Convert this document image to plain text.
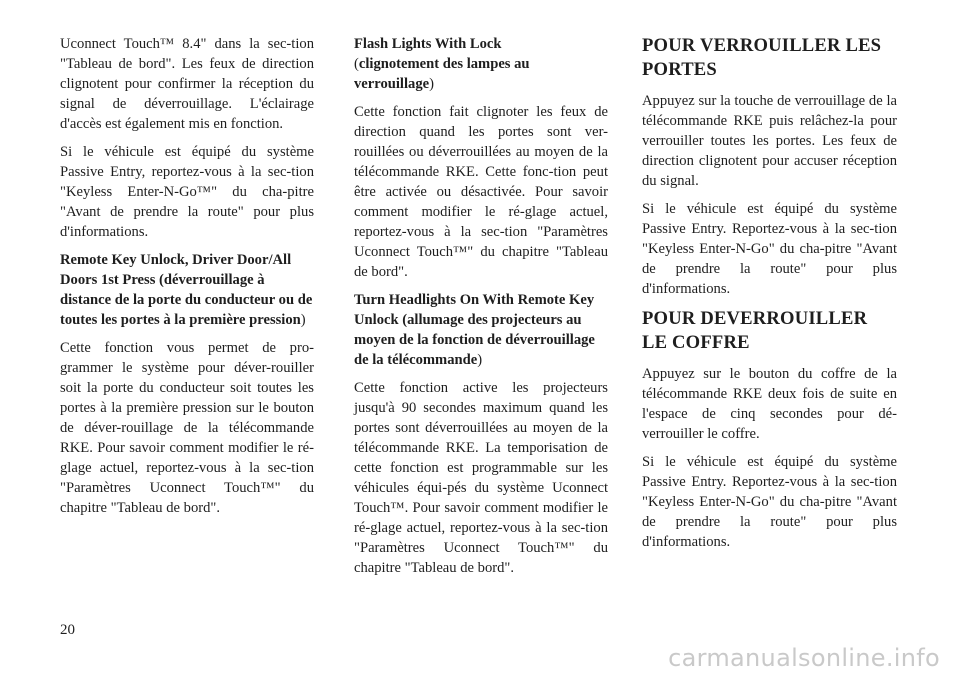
Uconnect Touch™ 8.4" dans la sec-tion "Tableau de bord". Les feux de direction clignotent pour confirmer la réception du signal de déverrouillage. L'éclairage d'accès est également mis en fonction.

Si le véhicule est équipé du système Passive Entry, reportez-vous à la sec-tion "Keyless Enter-N-Go™" du cha-pitre "Avant de prendre la route" pour plus d'informations.

Remote Key Unlock, Driver Door/All Doors 1st Press (déverrouillage à distance de la porte du conducteur ou de toutes les portes à la première pression)

Cette fonction vous permet de pro-grammer le système pour déver-rouiller soit la porte du conducteur soit toutes les portes à la première pression sur le bouton de déver-rouillage de la télécommande RKE. Pour savoir comment modifier le ré-glage actuel, reportez-vous à la sec-tion "Paramètres Uconnect Touch™" du chapitre "Tableau de bord".

Flash Lights With Lock
(clignotement des lampes au verrouillage)

Cette fonction fait clignoter les feux de direction quand les portes sont ver-rouillées ou déverrouillées au moyen de la télécommande RKE. Cette fonc-tion peut être activée ou désactivée. Pour savoir comment modifier le ré-glage actuel, reportez-vous à la sec-tion "Paramètres Uconnect Touch™" du chapitre "Tableau de bord".

Turn Headlights On With Remote Key Unlock (allumage des projecteurs au moyen de la fonction de déverrouillage de la télécommande)

Cette fonction active les projecteurs jusqu'à 90 secondes maximum quand les portes sont déverrouillées au moyen de la télécommande RKE. La temporisation de cette fonction est programmable sur les véhicules équi-pés du système Uconnect Touch™. Pour savoir comment modifier le ré-glage actuel, reportez-vous à la sec-tion "Paramètres Uconnect Touch™" du chapitre "Tableau de bord".

POUR VERROUILLER LES
PORTES

Appuyez sur la touche de verrouillage de la télécommande RKE puis relâchez-la pour verrouiller toutes les portes. Les feux de direction clignotent pour accuser réception du signal.

Si le véhicule est équipé du système Passive Entry. Reportez-vous à la sec-tion "Keyless Enter-N-Go" du cha-pitre "Avant de prendre la route" pour plus d'informations.

POUR DEVERROUILLER
LE COFFRE

Appuyez sur le bouton du coffre de la télécommande RKE deux fois de suite en l'espace de cinq secondes pour dé-verrouiller le coffre.

Si le véhicule est équipé du système Passive Entry. Reportez-vous à la sec-tion "Keyless Enter-N-Go" du cha-pitre "Avant de prendre la route" pour plus d'informations.

20
carmanualsonline.info
